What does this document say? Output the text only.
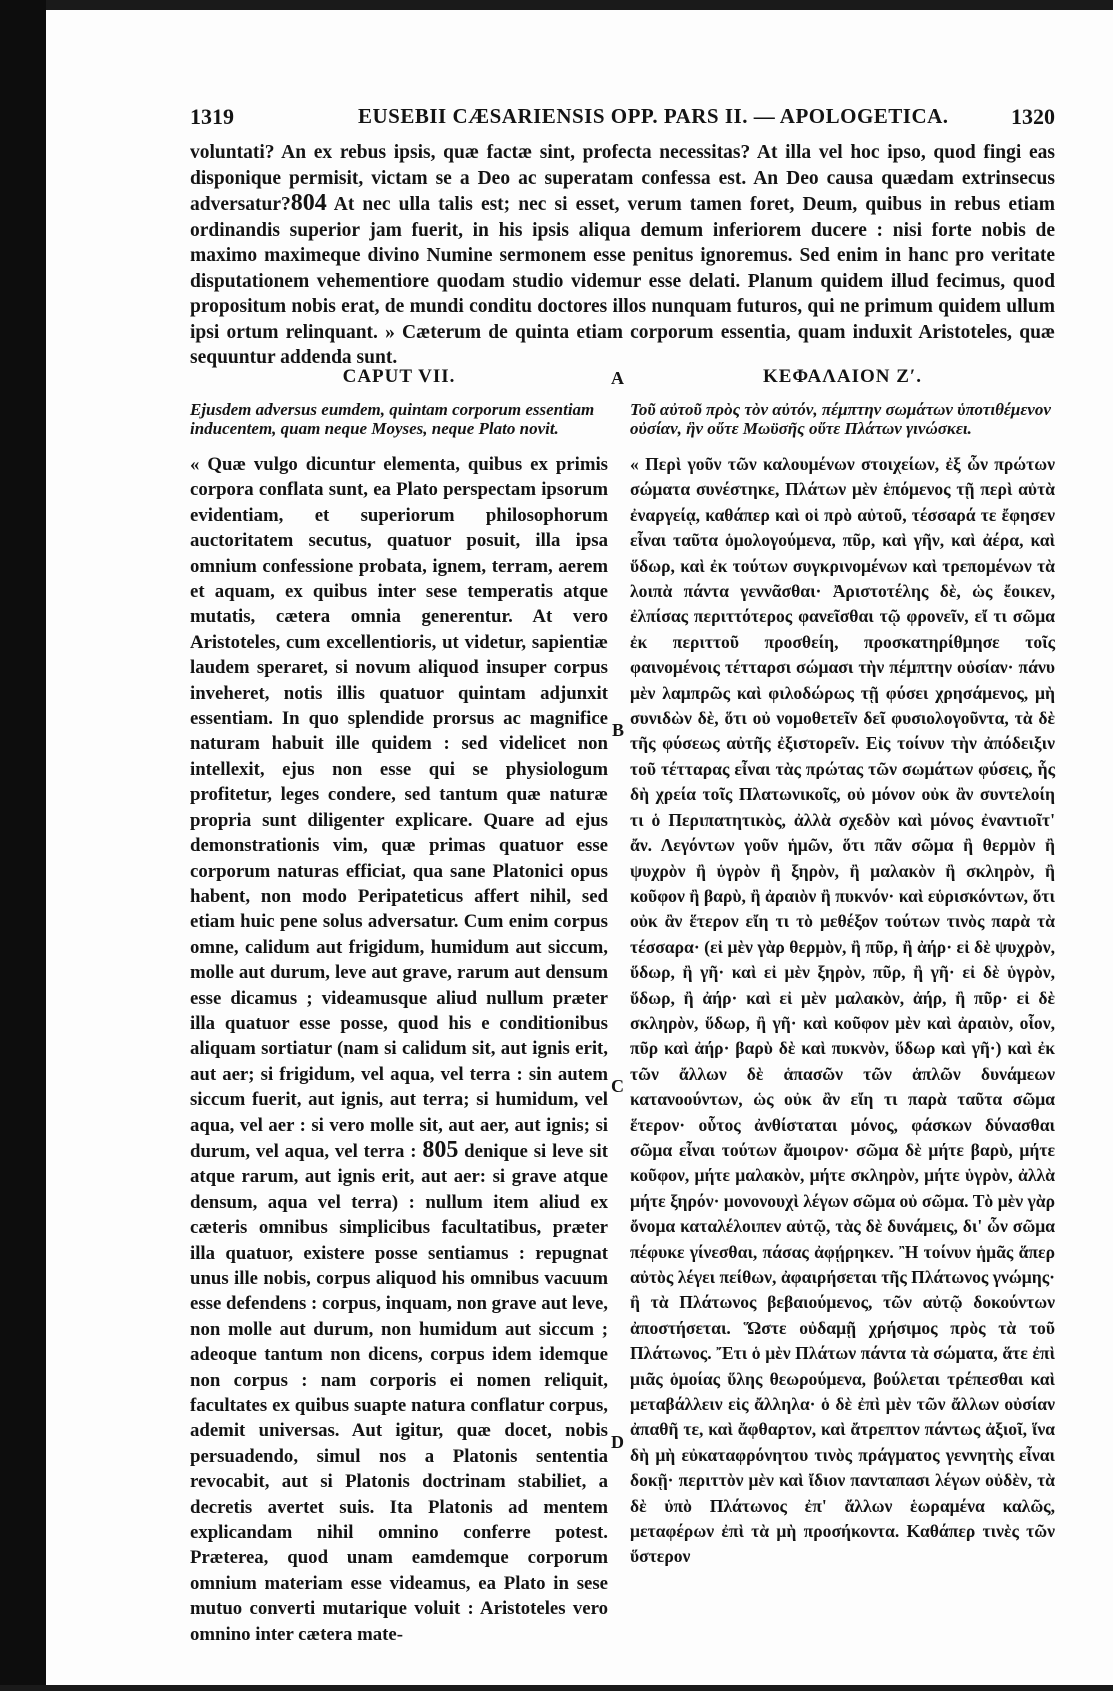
1319	EUSEBII CÆSARIENSIS OPP. PARS II. — APOLOGETICA.	1320

voluntati? An ex rebus ipsis, quæ factæ sint, profecta necessitas? At illa vel hoc ipso, quod fingi eas disponique permisit, victam se a Deo ac superatam confessa est. An Deo causa quædam extrinsecus adversatur?804 At nec ulla talis est; nec si esset, verum tamen foret, Deum, quibus in rebus etiam ordinandis superior jam fuerit, in his ipsis aliqua demum inferiorem ducere : nisi forte nobis de maximo maximeque divino Numine sermonem esse penitus ignoremus. Sed enim in hanc pro veritate disputationem vehementiore quodam studio videmur esse delati. Planum quidem illud fecimus, quod propositum nobis erat, de mundi conditu doctores illos nunquam futuros, qui ne primum quidem ullum ipsi ortum relinquant. » Cæterum de quinta etiam corporum essentia, quam induxit Aristoteles, quæ sequuntur addenda sunt.

CAPUT VII.
Ejusdem adversus eumdem, quintam corporum essentiam inducentem, quam neque Moyses, neque Plato novit.

« Quæ vulgo dicuntur elementa, quibus ex primis corpora conflata sunt, ea Plato perspectam ipsorum evidentiam, et superiorum philosophorum auctoritatem secutus, quatuor posuit, illa ipsa omnium confessione probata, ignem, terram, aerem et aquam, ex quibus inter sese temperatis atque mutatis, cætera omnia generentur. At vero Aristoteles, cum excellentioris, ut videtur, sapientiæ laudem speraret, si novum aliquod insuper corpus inveheret, notis illis quatuor quintam adjunxit essentiam. In quo splendide prorsus ac magnifice naturam habuit ille quidem : sed videlicet non intellexit, ejus non esse qui se physiologum profitetur, leges condere, sed tantum quæ naturæ propria sunt diligenter explicare. Quare ad ejus demonstrationis vim, quæ primas quatuor esse corporum naturas efficiat, qua sane Platonici opus habent, non modo Peripateticus affert nihil, sed etiam huic pene solus adversatur. Cum enim corpus omne, calidum aut frigidum, humidum aut siccum, molle aut durum, leve aut grave, rarum aut densum esse dicamus ; videamusque aliud nullum præter illa quatuor esse posse, quod his e conditionibus aliquam sortiatur (nam si calidum sit, aut ignis erit, aut aer; si frigidum, vel aqua, vel terra : sin autem siccum fuerit, aut ignis, aut terra; si humidum, vel aqua, vel aer : si vero molle sit, aut aer, aut ignis; si durum, vel aqua, vel terra : 805 denique si leve sit atque rarum, aut ignis erit, aut aer: si grave atque densum, aqua vel terra) : nullum item aliud ex cæteris omnibus simplicibus facultatibus, præter illa quatuor, existere posse sentiamus : repugnat unus ille nobis, corpus aliquod his omnibus vacuum esse defendens : corpus, inquam, non grave aut leve, non molle aut durum, non humidum aut siccum ; adeoque tantum non dicens, corpus idem idemque non corpus : nam corporis ei nomen reliquit, facultates ex quibus suapte natura conflatur corpus, ademit universas. Aut igitur, quæ docet, nobis persuadendo, simul nos a Platonis sententia revocabit, aut si Platonis doctrinam stabiliet, a decretis avertet suis. Ita Platonis ad mentem explicandam nihil omnino conferre potest. Præterea, quod unam eamdemque corporum omnium materiam esse videamus, ea Plato in sese mutuo converti mutarique voluit : Aristoteles vero omnino inter cætera mate-

ΚΕΦΑΛΑΙΟΝ Ζʹ.
Τοῦ αὐτοῦ πρὸς τὸν αὐτόν, πέμπτην σωμάτων ὑποτιθέμενον οὐσίαν, ἣν οὔτε Μωϋσῆς οὔτε Πλάτων γινώσκει.

« Περὶ γοῦν τῶν καλουμένων στοιχείων, ἐξ ὧν πρώτων σώματα συνέστηκε, Πλάτων μὲν ἑπόμενος τῇ περὶ αὐτὰ ἐναργείᾳ, καθάπερ καὶ οἱ πρὸ αὐτοῦ, τέσσαρά τε ἔφησεν εἶναι ταῦτα ὁμολογούμενα, πῦρ, καὶ γῆν, καὶ ἀέρα, καὶ ὕδωρ, καὶ ἐκ τούτων συγκρινομένων καὶ τρεπομένων τὰ λοιπὰ πάντα γεννᾶσθαι· Ἀριστοτέλης δὲ, ὡς ἔοικεν, ἐλπίσας περιττότερος φανεῖσθαι τῷ φρονεῖν, εἴ τι σῶμα ἐκ περιττοῦ προσθείη, προσκατηρίθμησε τοῖς φαινομένοις τέτταρσι σώμασι τὴν πέμπτην οὐσίαν· πάνυ μὲν λαμπρῶς καὶ φιλοδώρως τῇ φύσει χρησάμενος, μὴ συνιδὼν δὲ, ὅτι οὐ νομοθετεῖν δεῖ φυσιολογοῦντα, τὰ δὲ τῆς φύσεως αὐτῆς ἐξιστορεῖν. Εἰς τοίνυν τὴν ἀπόδειξιν τοῦ τέτταρας εἶναι τὰς πρώτας τῶν σωμάτων φύσεις, ἧς δὴ χρεία τοῖς Πλατωνικοῖς, οὐ μόνον οὐκ ἂν συντελοίη τι ὁ Περιπατητικὸς, ἀλλὰ σχεδὸν καὶ μόνος ἐναντιοῖτ' ἄν. Λεγόντων γοῦν ἡμῶν, ὅτι πᾶν σῶμα ἢ θερμὸν ἢ ψυχρὸν ἢ ὑγρὸν ἢ ξηρὸν, ἢ μαλακὸν ἢ σκληρὸν, ἢ κοῦφον ἢ βαρὺ, ἢ ἀραιὸν ἢ πυκνόν· καὶ εὑρισκόντων, ὅτι οὐκ ἂν ἕτερον εἴη τι τὸ μεθέξον τούτων τινὸς παρὰ τὰ τέσσαρα· (εἰ μὲν γὰρ θερμὸν, ἢ πῦρ, ἢ ἀήρ· εἰ δὲ ψυχρὸν, ὕδωρ, ἢ γῆ· καὶ εἰ μὲν ξηρὸν, πῦρ, ἢ γῆ· εἰ δὲ ὑγρὸν, ὕδωρ, ἢ ἀήρ· καὶ εἰ μὲν μαλακὸν, ἀήρ, ἢ πῦρ· εἰ δὲ σκληρὸν, ὕδωρ, ἢ γῆ· καὶ κοῦφον μὲν καὶ ἀραιὸν, οἷον, πῦρ καὶ ἀήρ· βαρὺ δὲ καὶ πυκνὸν, ὕδωρ καὶ γῆ·) καὶ ἐκ τῶν ἄλλων δὲ ἁπασῶν τῶν ἁπλῶν δυνάμεων κατανοούντων, ὡς οὐκ ἂν εἴη τι παρὰ ταῦτα σῶμα ἕτερον· οὗτος ἀνθίσταται μόνος, φάσκων δύνασθαι σῶμα εἶναι τούτων ἄμοιρον· σῶμα δὲ μήτε βαρὺ, μήτε κοῦφον, μήτε μαλακὸν, μήτε σκληρὸν, μήτε ὑγρὸν, ἀλλὰ μήτε ξηρόν· μονονουχὶ λέγων σῶμα οὐ σῶμα. Τὸ μὲν γὰρ ὄνομα καταλέλοιπεν αὐτῷ, τὰς δὲ δυνάμεις, δι' ὧν σῶμα πέφυκε γίνεσθαι, πάσας ἀφῄρηκεν. Ἢ τοίνυν ἡμᾶς ἅπερ αὐτὸς λέγει πείθων, ἀφαιρήσεται τῆς Πλάτωνος γνώμης· ἢ τὰ Πλάτωνος βεβαιούμενος, τῶν αὐτῷ δοκούντων ἀποστήσεται. Ὥστε οὐδαμῇ χρήσιμος πρὸς τὰ τοῦ Πλάτωνος. Ἔτι ὁ μὲν Πλάτων πάντα τὰ σώματα, ἅτε ἐπὶ μιᾶς ὁμοίας ὕλης θεωρούμενα, βούλεται τρέπεσθαι καὶ μεταβάλλειν εἰς ἄλληλα· ὁ δὲ ἐπὶ μὲν τῶν ἄλλων οὐσίαν ἀπαθῆ τε, καὶ ἄφθαρτον, καὶ ἄτρεπτον πάντως ἀξιοῖ, ἵνα δὴ μὴ εὐκαταφρόνητου τινὸς πράγματος γεννητὴς εἶναι δοκῇ· περιττὸν μὲν καὶ ἴδιον πανταπασι λέγων οὐδὲν, τὰ δὲ ὑπὸ Πλάτωνος ἐπ' ἄλλων ἑωραμένα καλῶς, μεταφέρων ἐπὶ τὰ μὴ προσήκοντα. Καθάπερ τινὲς τῶν ὕστερον

A
B
C
D
